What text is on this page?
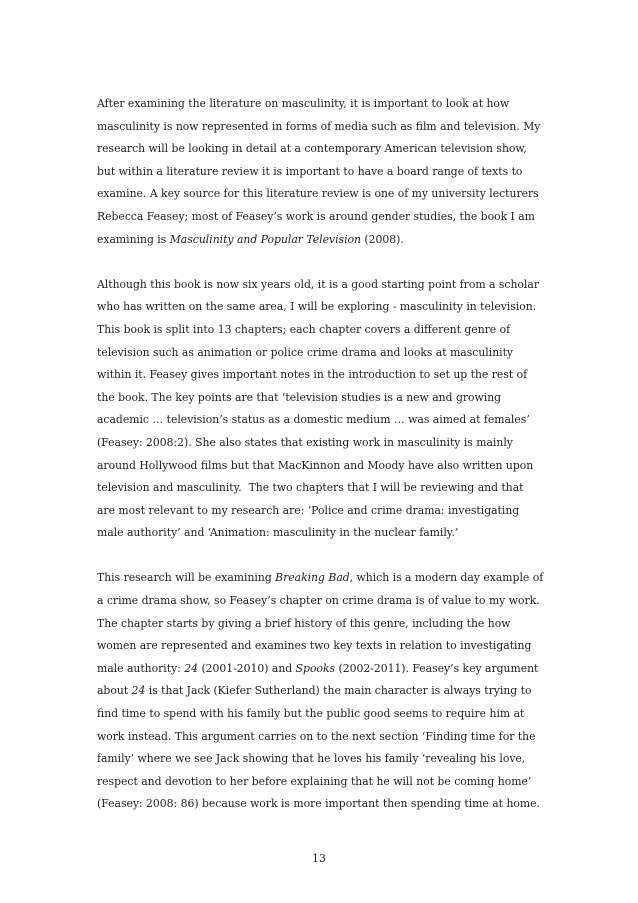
After examining the literature on masculinity, it is important to look at how
masculinity is now represented in forms of media such as film and television. My
research will be looking in detail at a contemporary American television show,
but within a literature review it is important to have a board range of texts to
examine. A key source for this literature review is one of my university lecturers
Rebecca Feasey; most of Feasey’s work is around gender studies, the book I am
examining is Masculinity and Popular Television (2008).
Although this book is now six years old, it is a good starting point from a scholar
who has written on the same area, I will be exploring - masculinity in television.
This book is split into 13 chapters; each chapter covers a different genre of
television such as animation or police crime drama and looks at masculinity
within it. Feasey gives important notes in the introduction to set up the rest of
the book. The key points are that ‘television studies is a new and growing
academic … television’s status as a domestic medium … was aimed at females’
(Feasey: 2008:2). She also states that existing work in masculinity is mainly
around Hollywood films but that MacKinnon and Moody have also written upon
television and masculinity.  The two chapters that I will be reviewing and that
are most relevant to my research are: ‘Police and crime drama: investigating
male authority’ and ‘Animation: masculinity in the nuclear family.’
This research will be examining Breaking Bad, which is a modern day example of
a crime drama show, so Feasey’s chapter on crime drama is of value to my work.
The chapter starts by giving a brief history of this genre, including the how
women are represented and examines two key texts in relation to investigating
male authority: 24 (2001-2010) and Spooks (2002-2011). Feasey’s key argument
about 24 is that Jack (Kiefer Sutherland) the main character is always trying to
find time to spend with his family but the public good seems to require him at
work instead. This argument carries on to the next section ‘Finding time for the
family’ where we see Jack showing that he loves his family ‘revealing his love,
respect and devotion to her before explaining that he will not be coming home’
(Feasey: 2008: 86) because work is more important then spending time at home.
13
